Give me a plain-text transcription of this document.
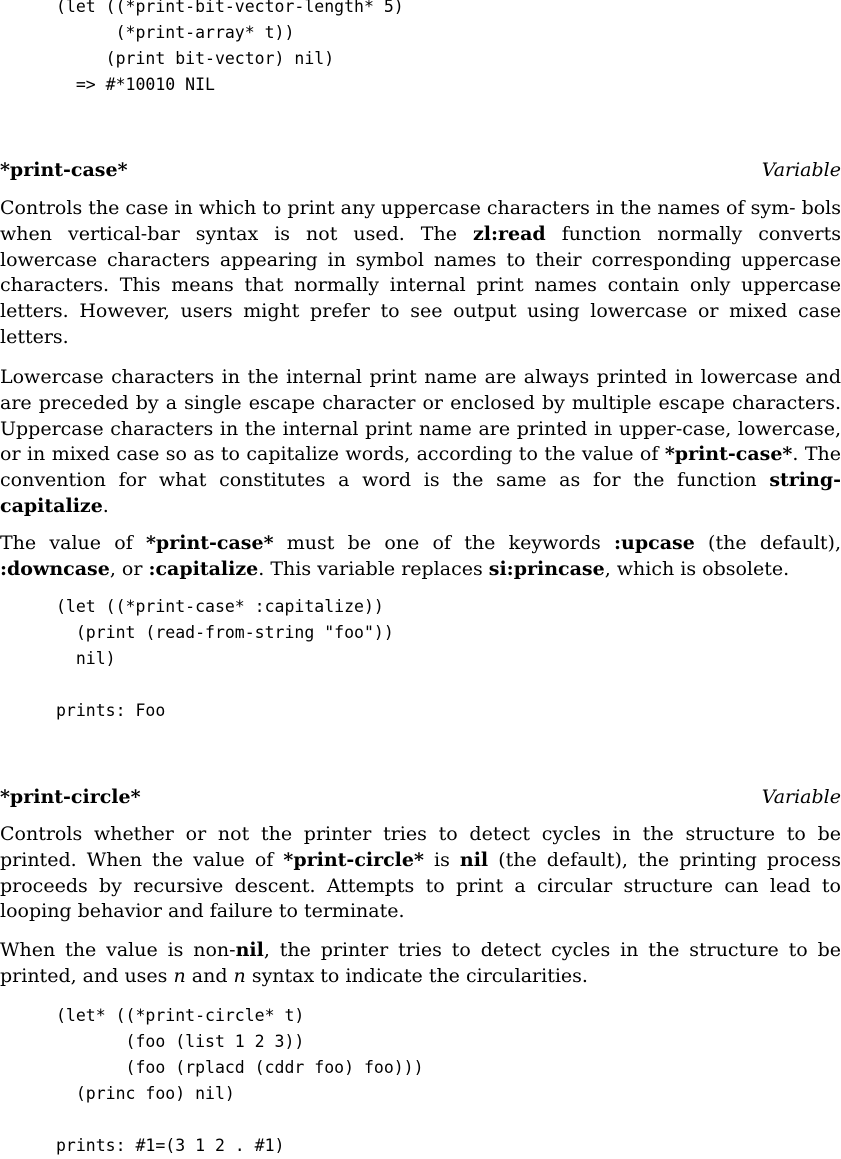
(let ((*print-bit-vector-length* 5)
(*print-array* t))
(print bit-vector) nil)
=> #*10010 NIL
*print-case*	Variable

Controls the case in which to print any uppercase characters in the names of sym- bols when vertical-bar syntax is not used. The zl:read function normally converts lowercase characters appearing in symbol names to their corresponding uppercase characters. This means that normally internal print names contain only uppercase letters. However, users might prefer to see output using lowercase or mixed case letters.

Lowercase characters in the internal print name are always printed in lowercase and are preceded by a single escape character or enclosed by multiple escape characters. Uppercase characters in the internal print name are printed in upper-case, lowercase, or in mixed case so as to capitalize words, according to the value of *print-case*. The convention for what constitutes a word is the same as for the function string-capitalize.

The value of *print-case* must be one of the keywords :upcase (the default), :downcase, or :capitalize. This variable replaces si:princase, which is obsolete.

(let ((*print-case* :capitalize))
(print (read-from-string "foo"))
nil)

prints: Foo
*print-circle*	Variable

Controls whether or not the printer tries to detect cycles in the structure to be printed. When the value of *print-circle* is nil (the default), the printing process proceeds by recursive descent. Attempts to print a circular structure can lead to looping behavior and failure to terminate.

When the value is non-nil, the printer tries to detect cycles in the structure to be printed, and uses n and n syntax to indicate the circularities.

(let* ((*print-circle* t)
(foo (list 1 2 3))
(foo (rplacd (cddr foo) foo)))
(princ foo) nil)

prints: #1=(3 1 2 . #1)
